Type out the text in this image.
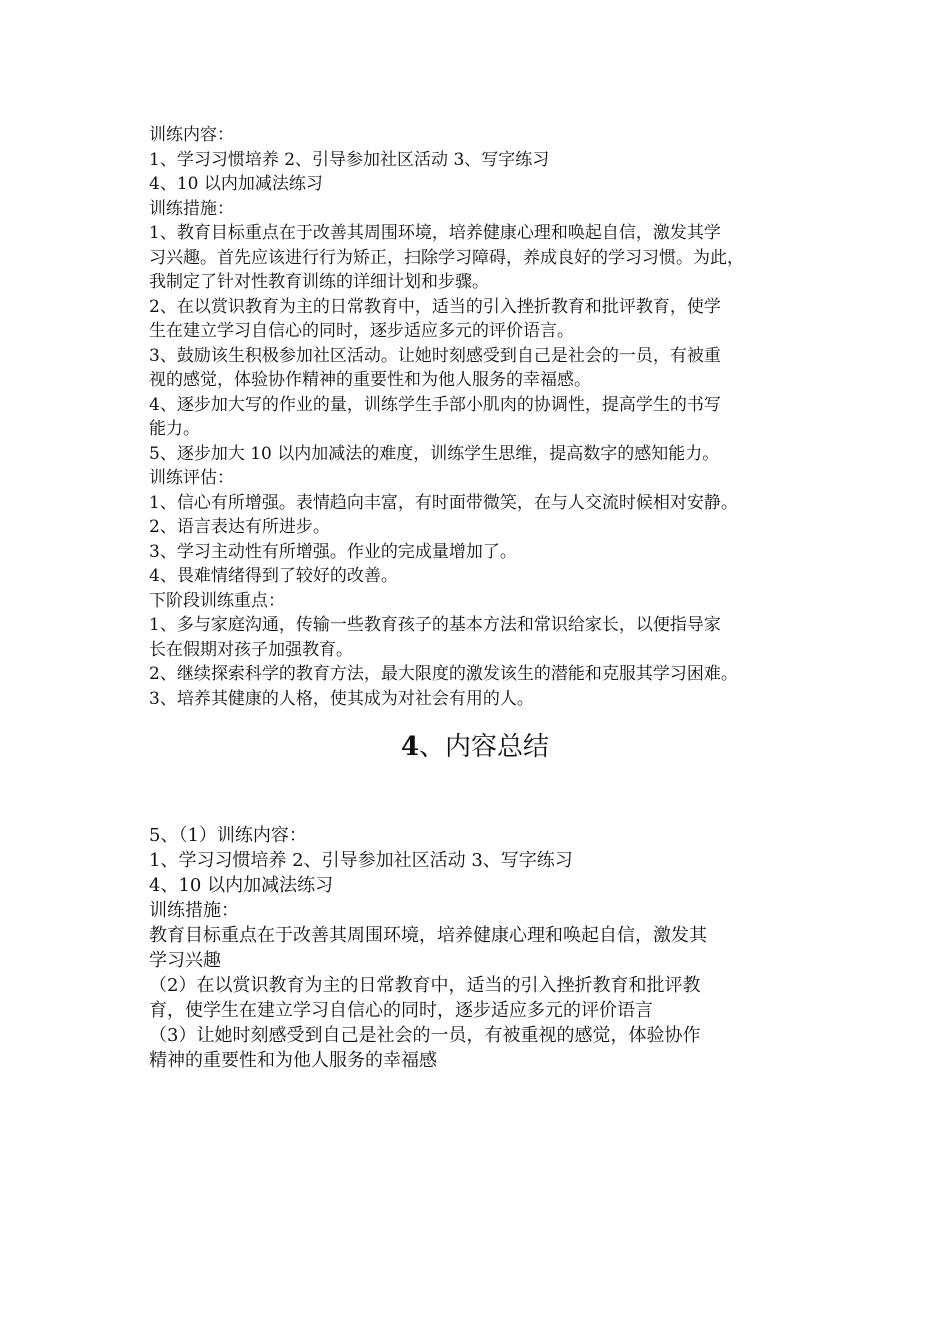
训练内容：
1、学习习惯培养 2、引导参加社区活动 3、写字练习
4、10 以内加减法练习
训练措施：
1、教育目标重点在于改善其周围环境，培养健康心理和唤起自信，激发其学
习兴趣。首先应该进行行为矫正，扫除学习障碍，养成良好的学习习惯。为此，
我制定了针对性教育训练的详细计划和步骤。
2、在以赏识教育为主的日常教育中，适当的引入挫折教育和批评教育，使学
生在建立学习自信心的同时，逐步适应多元的评价语言。
3、鼓励该生积极参加社区活动。让她时刻感受到自己是社会的一员，有被重
视的感觉，体验协作精神的重要性和为他人服务的幸福感。
4、逐步加大写的作业的量，训练学生手部小肌肉的协调性，提高学生的书写
能力。
5、逐步加大 10 以内加减法的难度，训练学生思维，提高数字的感知能力。
训练评估：
1、信心有所增强。表情趋向丰富，有时面带微笑，在与人交流时候相对安静。
2、语言表达有所进步。
3、学习主动性有所增强。作业的完成量增加了。
4、畏难情绪得到了较好的改善。
下阶段训练重点：
1、多与家庭沟通，传输一些教育孩子的基本方法和常识给家长，以便指导家
长在假期对孩子加强教育。
2、继续探索科学的教育方法，最大限度的激发该生的潜能和克服其学习困难。
3、培养其健康的人格，使其成为对社会有用的人。
4、内容总结
5、（1）训练内容：
1、学习习惯培养 2、引导参加社区活动 3、写字练习
4、10 以内加减法练习
训练措施：
教育目标重点在于改善其周围环境，培养健康心理和唤起自信，激发其
学习兴趣
（2）在以赏识教育为主的日常教育中，适当的引入挫折教育和批评教
育，使学生在建立学习自信心的同时，逐步适应多元的评价语言
（3）让她时刻感受到自己是社会的一员，有被重视的感觉，体验协作
精神的重要性和为他人服务的幸福感
